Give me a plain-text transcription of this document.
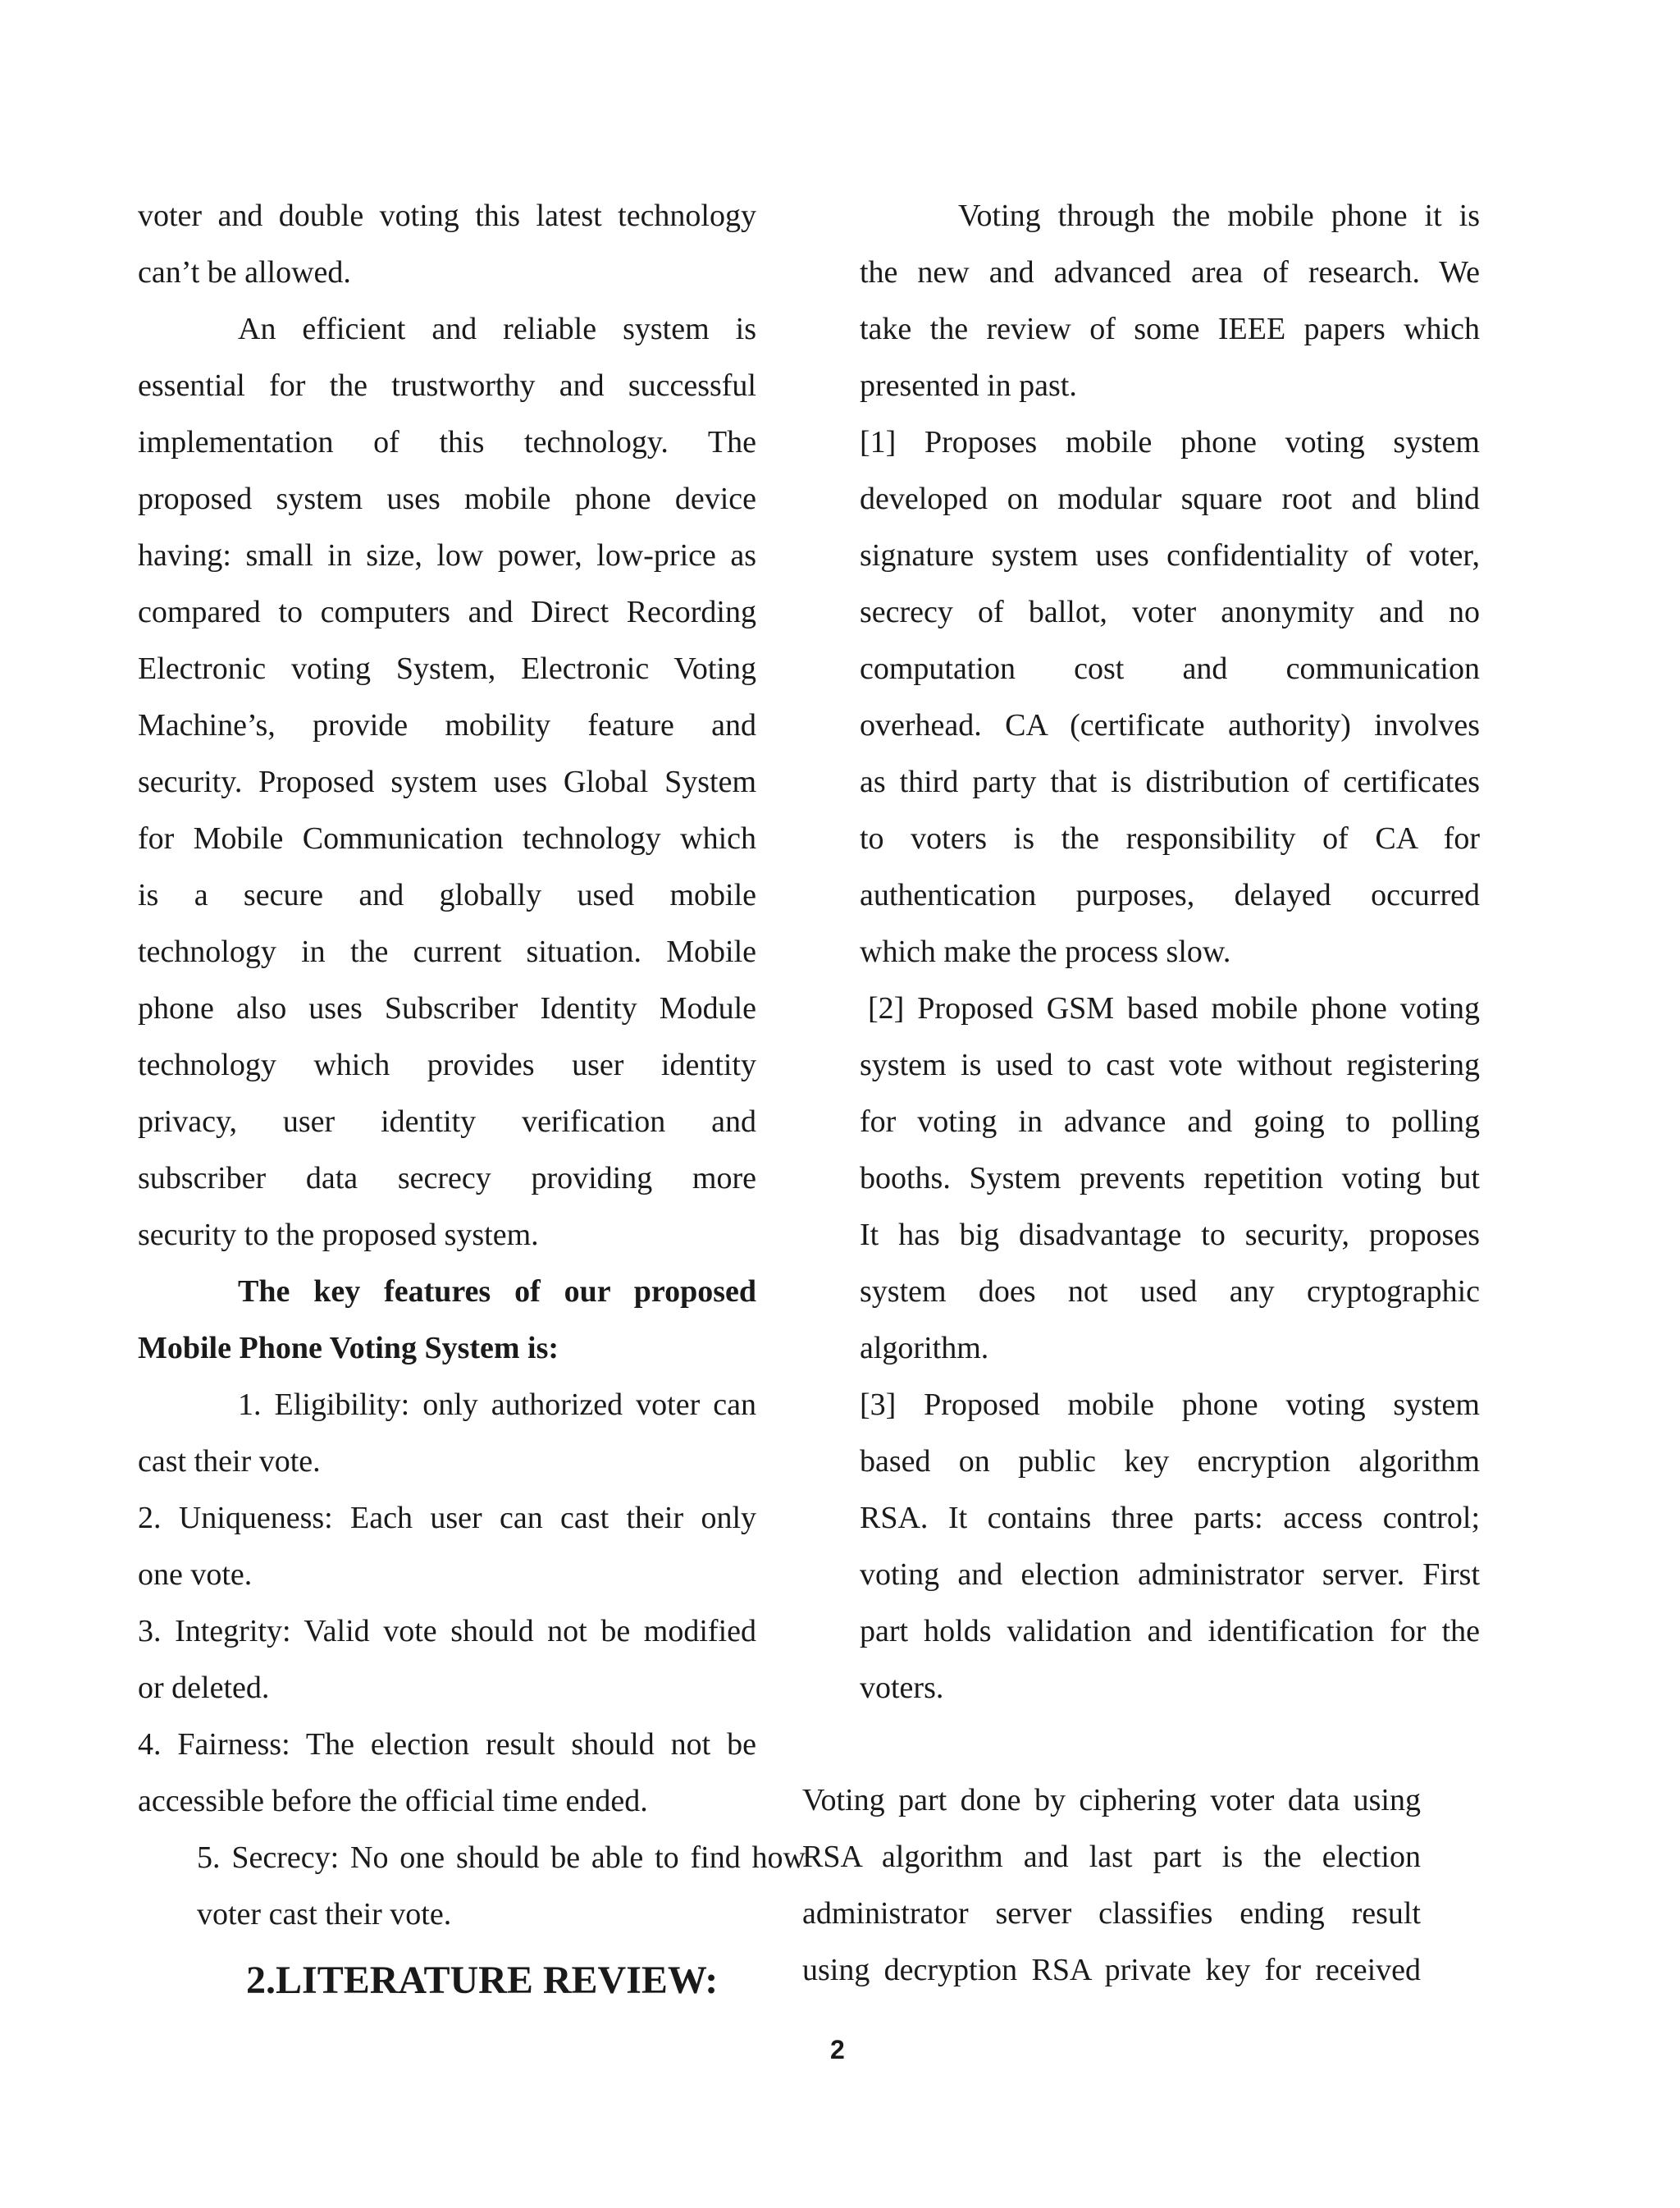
voter and double voting this latest technology
can’t be allowed.
An efficient and reliable system is
essential for the trustworthy and successful
implementation of this technology. The
proposed system uses mobile phone device
having: small in size, low power, low-price as
compared to computers and Direct Recording
Electronic voting System, Electronic Voting
Machine’s, provide mobility feature and
security. Proposed system uses Global System
for Mobile Communication technology which
is a secure and globally used mobile
technology in the current situation. Mobile
phone also uses Subscriber Identity Module
technology which provides user identity
privacy, user identity verification and
subscriber data secrecy providing more
security to the proposed system.
The key features of our proposed
Mobile Phone Voting System is:
1. Eligibility: only authorized voter can
cast their vote.
2. Uniqueness: Each user can cast their only
one vote.
3. Integrity: Valid vote should not be modified
or deleted.
4. Fairness: The election result should not be
accessible before the official time ended.
5. Secrecy: No one should be able to find how
voter cast their vote.
Voting through the mobile phone it is
the new and advanced area of research. We
take the review of some IEEE papers which
presented in past.
[1] Proposes mobile phone voting system
developed on modular square root and blind
signature system uses confidentiality of voter,
secrecy of ballot, voter anonymity and no
computation cost and communication
overhead. CA (certificate authority) involves
as third party that is distribution of certificates
to voters is the responsibility of CA for
authentication purposes, delayed occurred
which make the process slow.
[2] Proposed GSM based mobile phone voting
system is used to cast vote without registering
for voting in advance and going to polling
booths. System prevents repetition voting but
It has big disadvantage to security, proposes
system does not used any cryptographic
algorithm.
[3] Proposed mobile phone voting system
based on public key encryption algorithm
RSA. It contains three parts: access control;
voting and election administrator server. First
part holds validation and identification for the
voters.
Voting part done by ciphering voter data using
RSA algorithm and last part is the election
administrator server classifies ending result
using decryption RSA private key for received
2.LITERATURE REVIEW:
2
